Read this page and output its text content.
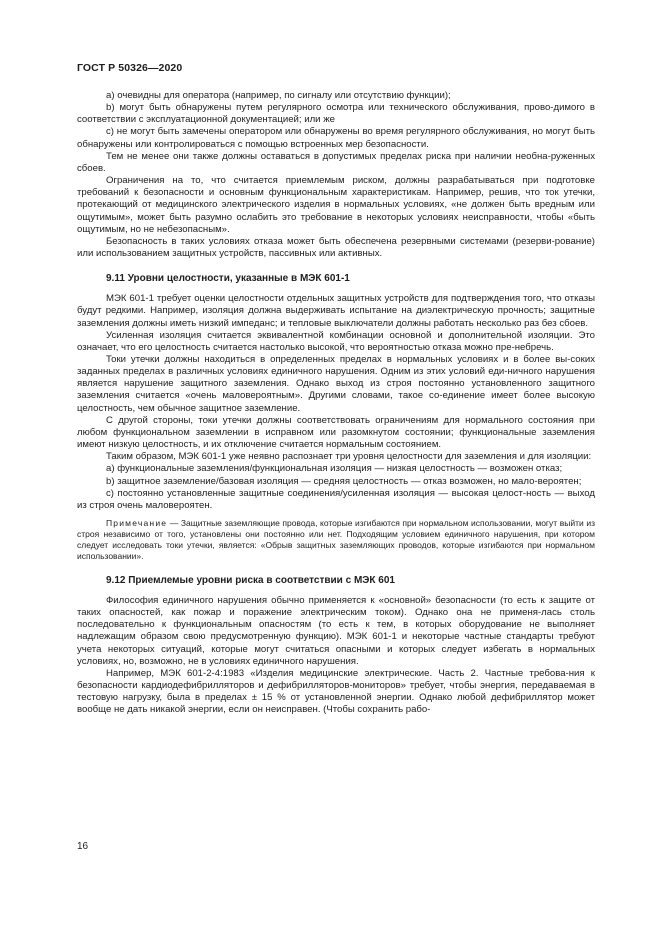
ГОСТ Р 50326—2020

а) очевидны для оператора (например, по сигналу или отсутствию функции);

b) могут быть обнаружены путем регулярного осмотра или технического обслуживания, прово-димого в соответствии с эксплуатационной документацией; или же

c) не могут быть замечены оператором или обнаружены во время регулярного обслуживания, но могут быть обнаружены или контролироваться с помощью встроенных мер безопасности.

Тем не менее они также должны оставаться в допустимых пределах риска при наличии необна-руженных сбоев.

Ограничения на то, что считается приемлемым риском, должны разрабатываться при подготовке требований к безопасности и основным функциональным характеристикам. Например, решив, что ток утечки, протекающий от медицинского электрического изделия в нормальных условиях, «не должен быть вредным или ощутимым», может быть разумно ослабить это требование в некоторых условиях неисправности, чтобы «быть ощутимым, но не небезопасным».

Безопасность в таких условиях отказа может быть обеспечена резервными системами (резерви-рование) или использованием защитных устройств, пассивных или активных.

9.11 Уровни целостности, указанные в МЭК 601-1

МЭК 601-1 требует оценки целостности отдельных защитных устройств для подтверждения того, что отказы будут редкими. Например, изоляция должна выдерживать испытание на диэлектрическую прочность; защитные заземления должны иметь низкий импеданс; и тепловые выключатели должны работать несколько раз без сбоев.

Усиленная изоляция считается эквивалентной комбинации основной и дополнительной изоляции. Это означает, что его целостность считается настолько высокой, что вероятностью отказа можно пре-небречь.

Токи утечки должны находиться в определенных пределах в нормальных условиях и в более вы-соких заданных пределах в различных условиях единичного нарушения. Одним из этих условий еди-ничного нарушения является нарушение защитного заземления. Однако выход из строя постоянно установленного защитного заземления считается «очень маловероятным». Другими словами, такое со-единение имеет более высокую целостность, чем обычное защитное заземление.

С другой стороны, токи утечки должны соответствовать ограничениям для нормального состояния при любом функциональном заземлении в исправном или разомкнутом состоянии; функциональные заземления имеют низкую целостность, и их отключение считается нормальным состоянием.

Таким образом, МЭК 601-1 уже неявно распознает три уровня целостности для заземления и для изоляции:

а) функциональные заземления/функциональная изоляция — низкая целостность — возможен отказ;

b) защитное заземление/базовая изоляция — средняя целостность — отказ возможен, но мало-вероятен;

c) постоянно установленные защитные соединения/усиленная изоляция — высокая целост-ность — выход из строя очень маловероятен.

Примечание — Защитные заземляющие провода, которые изгибаются при нормальном использовании, могут выйти из строя независимо от того, установлены они постоянно или нет. Подходящим условием единичного нарушения, при котором следует исследовать токи утечки, является: «Обрыв защитных заземляющих проводов, которые изгибаются при нормальном использовании».

9.12 Приемлемые уровни риска в соответствии с МЭК 601

Философия единичного нарушения обычно применяется к «основной» безопасности (то есть к защите от таких опасностей, как пожар и поражение электрическим током). Однако она не применя-лась столь последовательно к функциональным опасностям (то есть к тем, в которых оборудование не выполняет надлежащим образом свою предусмотренную функцию). МЭК 601-1 и некоторые частные стандарты требуют учета некоторых ситуаций, которые могут считаться опасными и которых следует избегать в нормальных условиях, но, возможно, не в условиях единичного нарушения.

Например, МЭК 601-2-4:1983 «Изделия медицинские электрические. Часть 2. Частные требова-ния к безопасности кардиодефибрилляторов и дефибрилляторов-мониторов» требует, чтобы энергия, передаваемая в тестовую нагрузку, была в пределах ± 15 % от установленной энергии. Однако любой дефибриллятор может вообще не дать никакой энергии, если он неисправен. (Чтобы сохранить рабо-

16
